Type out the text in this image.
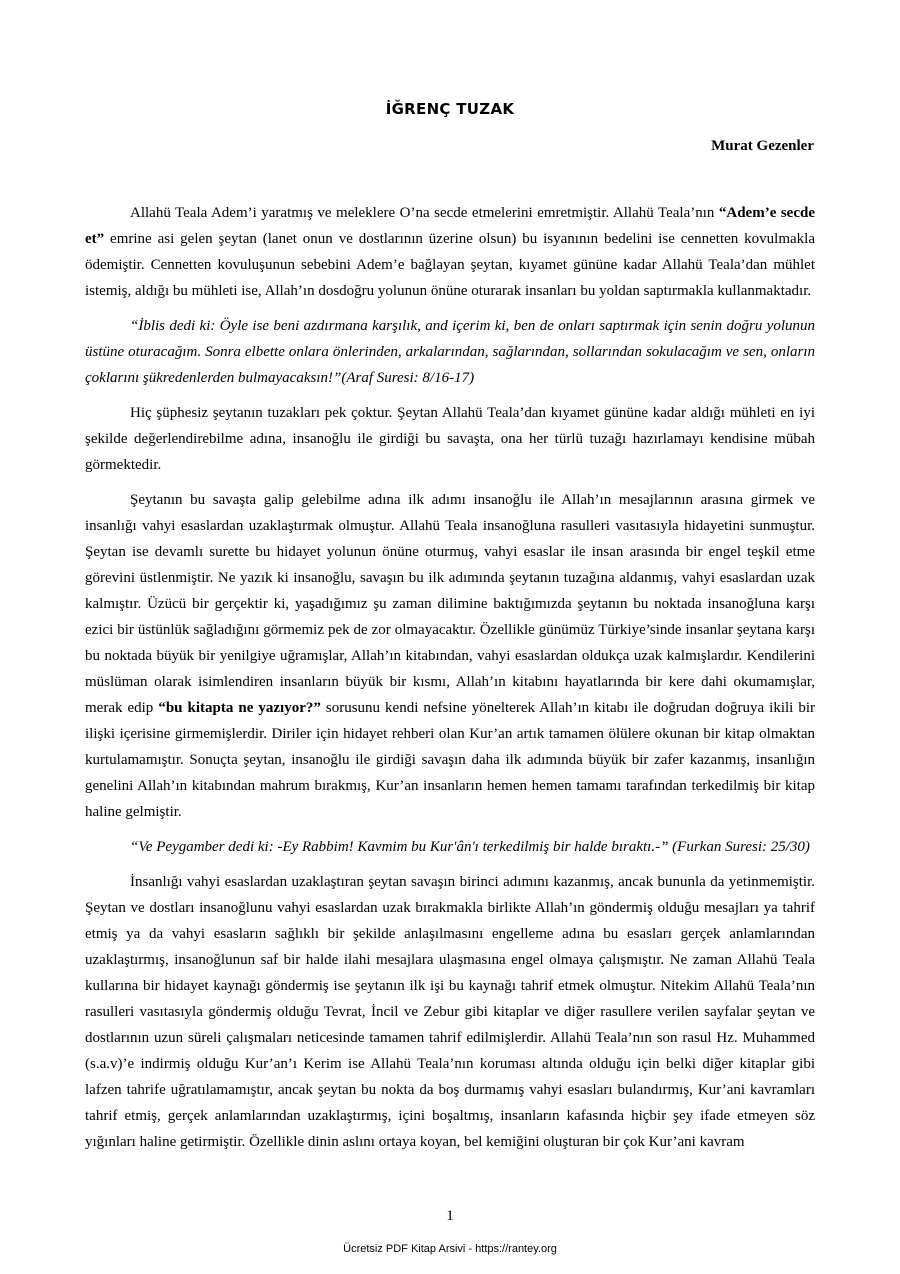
İĞRENÇ TUZAK
Murat Gezenler

Allahü Teala Adem’i yaratmış ve meleklere O’na secde etmelerini emretmiştir. Allahü Teala’nın “Adem’e secde et” emrine asi gelen şeytan (lanet onun ve dostlarının üzerine olsun) bu isyanının bedelini ise cennetten kovulmakla ödemiştir. Cennetten kovuluşunun sebebini Adem’e bağlayan şeytan, kıyamet gününe kadar Allahü Teala’dan mühlet istemiş, aldığı bu mühleti ise, Allah’ın dosdoğru yolunun önüne oturarak insanları bu yoldan saptırmakla kullanmaktadır.

“İblis dedi ki: Öyle ise beni azdırmana karşılık, and içerim ki, ben de onları saptırmak için senin doğru yolunun üstüne oturacağım. Sonra elbette onlara önlerinden, arkalarından, sağlarından, sollarından sokulacağım ve sen, onların çoklarını şükredenlerden bulmayacaksın!”(Araf Suresi: 8/16-17)

Hiç şüphesiz şeytanın tuzakları pek çoktur. Şeytan Allahü Teala’dan kıyamet gününe kadar aldığı mühleti en iyi şekilde değerlendirebilme adına, insanoğlu ile girdiği bu savaşta, ona her türlü tuzağı hazırlamayı kendisine mübah görmektedir.

Şeytanın bu savaşta galip gelebilme adına ilk adımı insanoğlu ile Allah’ın mesajlarının arasına girmek ve insanlığı vahyi esaslardan uzaklaştırmak olmuştur. Allahü Teala insanoğluna rasulleri vasıtasıyla hidayetini sunmuştur. Şeytan ise devamlı surette bu hidayet yolunun önüne oturmuş, vahyi esaslar ile insan arasında bir engel teşkil etme görevini üstlenmiştir. Ne yazık ki insanoğlu, savaşın bu ilk adımında şeytanın tuzağına aldanmış, vahyi esaslardan uzak kalmıştır. Üzücü bir gerçektir ki, yaşadığımız şu zaman dilimine baktığımızda şeytanın bu noktada insanoğluna karşı ezici bir üstünlük sağladığını görmemiz pek de zor olmayacaktır. Özellikle günümüz Türkiye’sinde insanlar şeytana karşı bu noktada büyük bir yenilgiye uğramışlar, Allah’ın kitabından, vahyi esaslardan oldukça uzak kalmışlardır. Kendilerini müslüman olarak isimlendiren insanların büyük bir kısmı, Allah’ın kitabını hayatlarında bir kere dahi okumamışlar, merak edip “bu kitapta ne yazıyor?” sorusunu kendi nefsine yönelterek Allah’ın kitabı ile doğrudan doğruya ikili bir ilişki içerisine girmemişlerdir. Diriler için hidayet rehberi olan Kur’an artık tamamen ölülere okunan bir kitap olmaktan kurtulamamıştır. Sonuçta şeytan, insanoğlu ile girdiği savaşın daha ilk adımında büyük bir zafer kazanmış, insanlığın genelini Allah’ın kitabından mahrum bırakmış, Kur’an insanların hemen hemen tamamı tarafından terkedilmiş bir kitap haline gelmiştir.

“Ve Peygamber dedi ki: -Ey Rabbim! Kavmim bu Kur'ân'ı terkedilmiş bir halde bıraktı.-” (Furkan Suresi: 25/30)

İnsanlığı vahyi esaslardan uzaklaştıran şeytan savaşın birinci adımını kazanmış, ancak bununla da yetinmemiştir. Şeytan ve dostları insanoğlunu vahyi esaslardan uzak bırakmakla birlikte Allah’ın göndermiş olduğu mesajları ya tahrif etmiş ya da vahyi esasların sağlıklı bir şekilde anlaşılmasını engelleme adına bu esasları gerçek anlamlarından uzaklaştırmış, insanoğlunun saf bir halde ilahi mesajlara ulaşmasına engel olmaya çalışmıştır. Ne zaman Allahü Teala kullarına bir hidayet kaynağı göndermiş ise şeytanın ilk işi bu kaynağı tahrif etmek olmuştur. Nitekim Allahü Teala’nın rasulleri vasıtasıyla göndermiş olduğu Tevrat, İncil ve Zebur gibi kitaplar ve diğer rasullere verilen sayfalar şeytan ve dostlarının uzun süreli çalışmaları neticesinde tamamen tahrif edilmişlerdir. Allahü Teala’nın son rasul Hz. Muhammed (s.a.v)’e indirmiş olduğu Kur’an’ı Kerim ise Allahü Teala’nın koruması altında olduğu için belki diğer kitaplar gibi lafzen tahrife uğratılamamıştır, ancak şeytan bu nokta da boş durmamış vahyi esasları bulandırmış, Kur’ani kavramları tahrif etmiş, gerçek anlamlarından uzaklaştırmış, içini boşaltmış, insanların kafasında hiçbir şey ifade etmeyen söz yığınları haline getirmiştir. Özellikle dinin aslını ortaya koyan, bel kemiğini oluşturan bir çok Kur’ani kavram

1
Ücretsiz PDF Kitap Arsivi - https://rantey.org
